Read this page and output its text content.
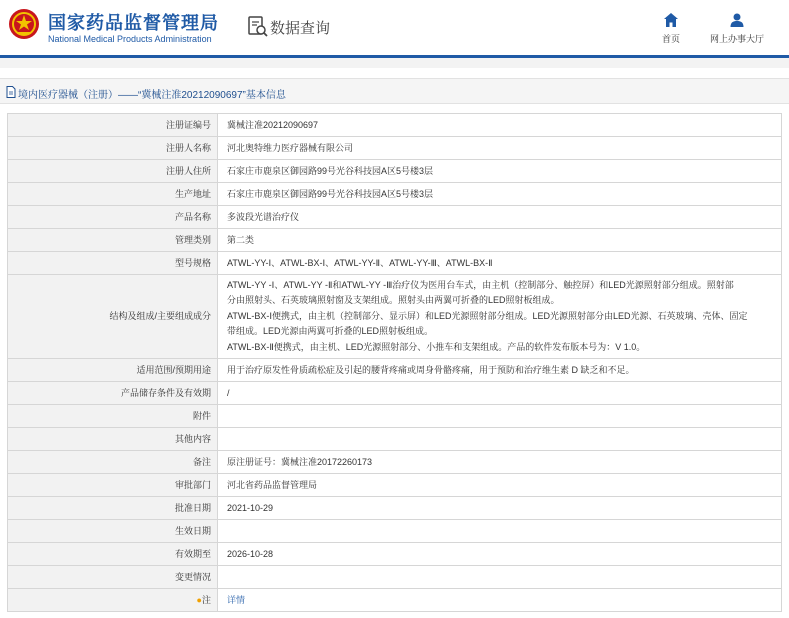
国家药品监督管理局
National Medical Products Administration
数据查询
首页	网上办事大厅
境内医疗器械（注册）——“冀械注准20212090697”基本信息
注册证编号	冀械注准20212090697
注册人名称	河北奥特维力医疗器械有限公司
注册人住所	石家庄市鹿泉区御园路99号光谷科技园A区5号楼3层
生产地址	石家庄市鹿泉区御园路99号光谷科技园A区5号楼3层
产品名称	多波段光谱治疗仪
管理类别	第二类
型号规格	ATWL-YY-Ⅰ、ATWL-BX-Ⅰ、ATWL-YY-Ⅱ、ATWL-YY-Ⅲ、ATWL-BX-Ⅱ
结构及组成/主要组成成分	ATWL-YY -Ⅰ、ATWL-YY -Ⅱ和ATWL-YY -Ⅲ治疗仪为医用台车式，由主机（控制部分、触控屏）和LED光源照射部分组成。照射部
分由照射头、石英玻璃照射窗及支架组成。照射头由两翼可折叠的LED照射板组成。
ATWL-BX-Ⅰ便携式，由主机（控制部分、显示屏）和LED光源照射部分组成。LED光源照射部分由LED光源、石英玻璃、壳体、固定
带组成。LED光源由两翼可折叠的LED照射板组成。
ATWL-BX-Ⅱ便携式，由主机、LED光源照射部分、小推车和支架组成。产品的软件发布版本号为：V 1.0。

适用范围/预期用途	用于治疗原发性骨质疏松症及引起的腰背疼痛或周身骨骼疼痛，用于预防和治疗维生素 D 缺乏和不足。
产品储存条件及有效期	/
附件	
其他内容	
备注	原注册证号：冀械注准20172260173
审批部门	河北省药品监督管理局
批准日期	2021-10-29
生效日期	
有效期至	2026-10-28
变更情况	
●注	详情
